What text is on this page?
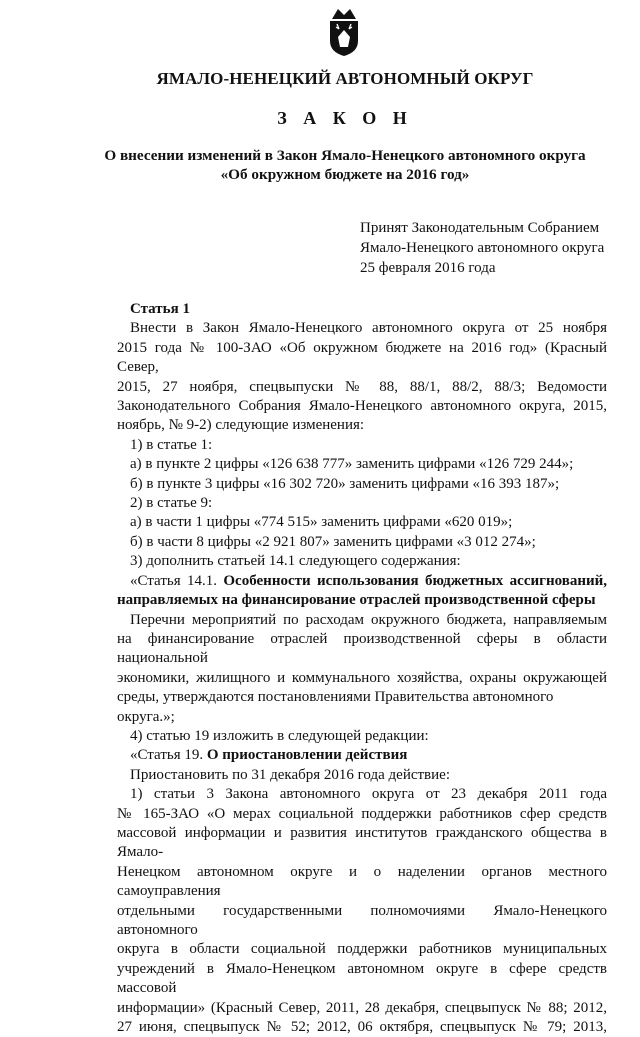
ЯМАЛО-НЕНЕЦКИЙ АВТОНОМНЫЙ ОКРУГ
З А К О Н
О внесении изменений в Закон Ямало-Ненецкого автономного округа
«Об окружном бюджете на 2016 год»
Принят Законодательным Собранием
Ямало-Ненецкого автономного округа
25 февраля 2016 года

Статья 1

Внести в Закон Ямало-Ненецкого автономного округа от 25 ноября

2015 года № 100-ЗАО «Об окружном бюджете на 2016 год» (Красный Север,

2015, 27 ноября, спецвыпуски № 88, 88/1, 88/2, 88/3; Ведомости

Законодательного Собрания Ямало-Ненецкого автономного округа, 2015,

ноябрь, № 9-2) следующие изменения:

1) в статье 1:

а) в пункте 2 цифры «126 638 777» заменить цифрами «126 729 244»;

б) в пункте 3 цифры «16 302 720» заменить цифрами «16 393 187»;

2) в статье 9:

а) в части 1 цифры «774 515» заменить цифрами «620 019»;

б) в части 8 цифры «2 921 807» заменить цифрами «3 012 274»;

3) дополнить статьей 14.1 следующего содержания:

«Статья 14.1. Особенности использования бюджетных ассигнований,

направляемых на финансирование отраслей производственной сферы

Перечни мероприятий по расходам окружного бюджета, направляемым

на финансирование отраслей производственной сферы в области национальной

экономики, жилищного и коммунального хозяйства, охраны окружающей

среды, утверждаются постановлениями Правительства автономного округа.»;

4) статью 19 изложить в следующей редакции:

«Статья 19. О приостановлении действия

Приостановить по 31 декабря 2016 года действие:

1) статьи 3 Закона автономного округа от 23 декабря 2011 года

№ 165-ЗАО «О мерах социальной поддержки работников сфер средств

массовой информации и развития институтов гражданского общества в Ямало-

Ненецком автономном округе и о наделении органов местного самоуправления

отдельными государственными полномочиями Ямало-Ненецкого автономного

округа в области социальной поддержки работников муниципальных

учреждений в Ямало-Ненецком автономном округе в сфере средств массовой

информации» (Красный Север, 2011, 28 декабря, спецвыпуск № 88; 2012,

27 июня, спецвыпуск № 52; 2012, 06 октября, спецвыпуск № 79; 2013,
